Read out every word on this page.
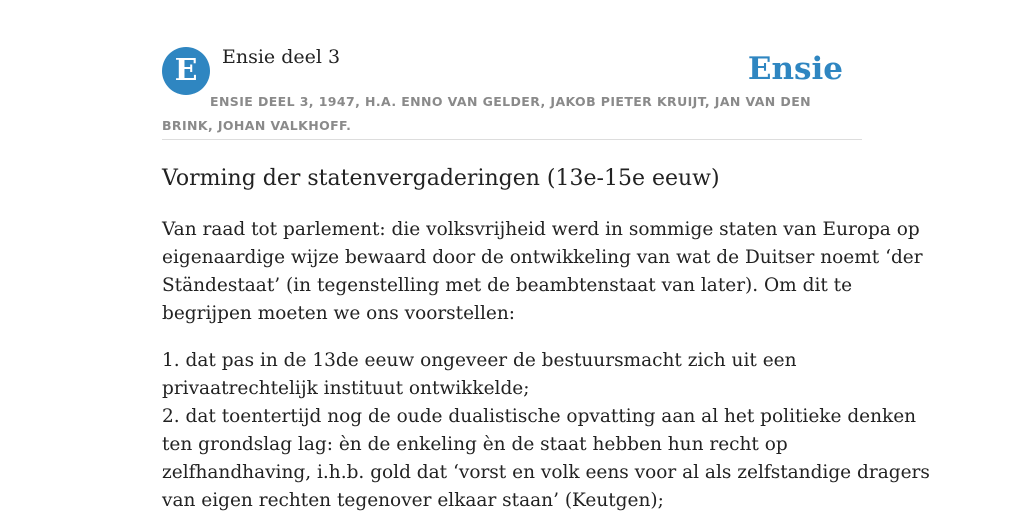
E	Ensie deel 3	Ensie
ENSIE DEEL 3, 1947, H.A. ENNO VAN GELDER, JAKOB PIETER KRUIJT, JAN VAN DEN BRINK, JOHAN VALKHOFF.
Vorming der statenvergaderingen (13e-15e eeuw)
Van raad tot parlement: die volksvrijheid werd in sommige staten van Europa op
eigenaardige wijze bewaard door de ontwikkeling van wat de Duitser noemt ‘der
Ständestaat’ (in tegenstelling met de beambtenstaat van later). Om dit te
begrijpen moeten we ons voorstellen:
1. dat pas in de 13de eeuw ongeveer de bestuursmacht zich uit een
privaatrechtelijk instituut ontwikkelde;
2. dat toentertijd nog de oude dualistische opvatting aan al het politieke denken
ten grondslag lag: èn de enkeling èn de staat hebben hun recht op
zelfhandhaving, i.h.b. gold dat ‘vorst en volk eens voor al als zelfstandige dragers
van eigen rechten tegenover elkaar staan’ (Keutgen);
